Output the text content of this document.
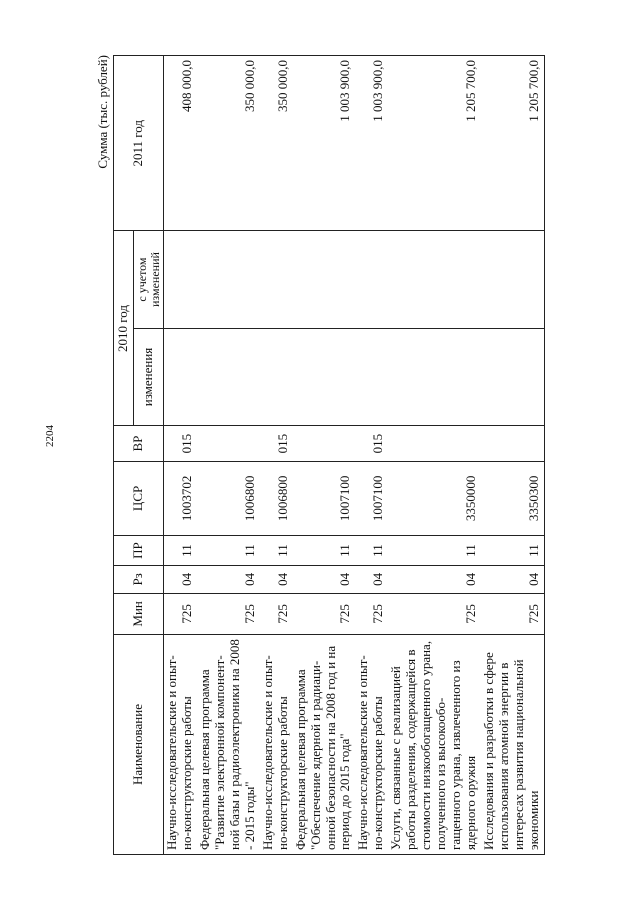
2204
Сумма (тыс. рублей)
Наименование	Мин	Рз	ПР	ЦСР	ВР	2010 год		2011 год
						изменения	с учетом изменений	
Научно-исследовательские и опыт-но-конструкторские работы	725	04	11	1003702	015			408 000,0
Федеральная целевая программа "Развитие электронной компонент-ной базы и радиоэлектроники на 2008 - 2015 годы"	725	04	11	1006800				350 000,0
Научно-исследовательские и опыт-но-конструкторские работы	725	04	11	1006800	015			350 000,0
Федеральная целевая программа "Обеспечение ядерной и радиаци-онной безопасности на 2008 год и на период до 2015 года"	725	04	11	1007100				1 003 900,0
Научно-исследовательские и опыт-но-конструкторские работы	725	04	11	1007100	015			1 003 900,0
Услуги, связанные с реализацией работы разделения, содержащейся в стоимости низкообогащенного урана, полученного из высокообо-гащенного урана, извлеченного из ядерного оружия	725	04	11	3350000				1 205 700,0
Исследования и разработки в сфере использования атомной энергии в интересах развития национальной экономики	725	04	11	3350300				1 205 700,0
